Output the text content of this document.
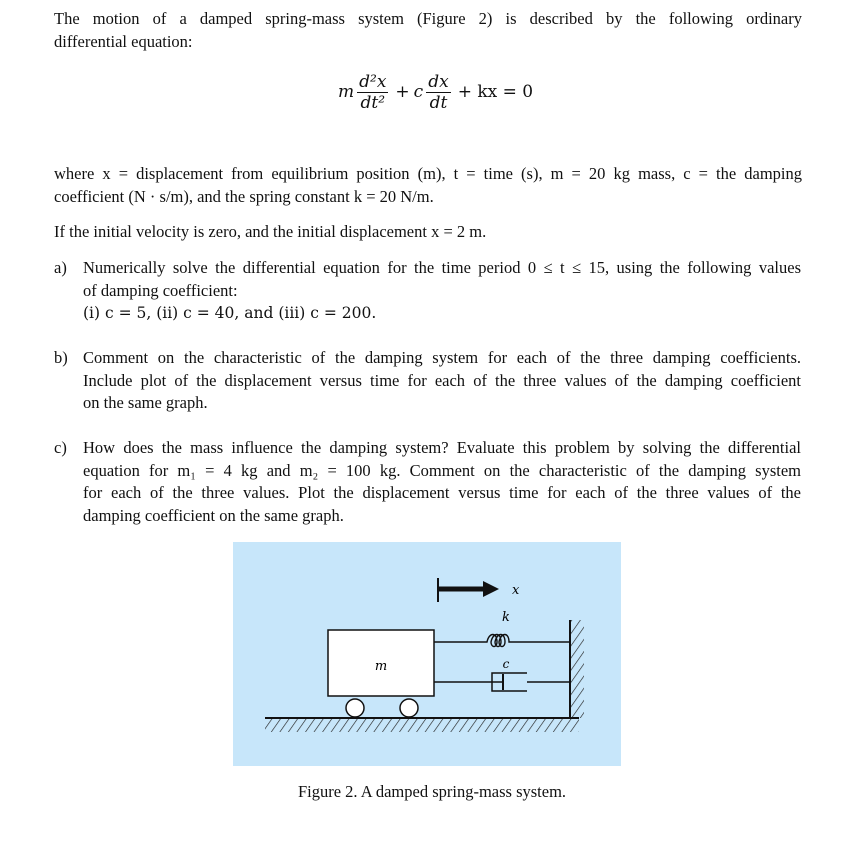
The motion of a damped spring-mass system (Figure 2) is described by the following ordinary
differential equation:
m $\frac{\text{d²x}}{\text{dt²}} + c \frac{dx}{dt}$ + kx = 0
where x = displacement from equilibrium position (m), t = time (s), m = 20 kg mass, c = the damping
coefficient (N · s/m), and the spring constant k = 20 N/m.
If the initial velocity is zero, and the initial displacement x = 2 m.
a) Numerically solve the differential equation for the time period 0 ≤ t ≤ 15, using the following values
of damping coefficient:
(i) c = 5, (ii) c = 40, and (iii) c = 200.
b) Comment on the characteristic of the damping system for each of the three damping coefficients.
Include plot of the displacement versus time for each of the three values of the damping coefficient
on the same graph.
c) How does the mass influence the damping system? Evaluate this problem by solving the differential
equation for m₁ = 4 kg and m₂ = 100 kg. Comment on the characteristic of the damping system
for each of the three values. Plot the displacement versus time for each of the three values of the
damping coefficient on the same graph.
m
x
k
c
Figure 2. A damped spring-mass system.
